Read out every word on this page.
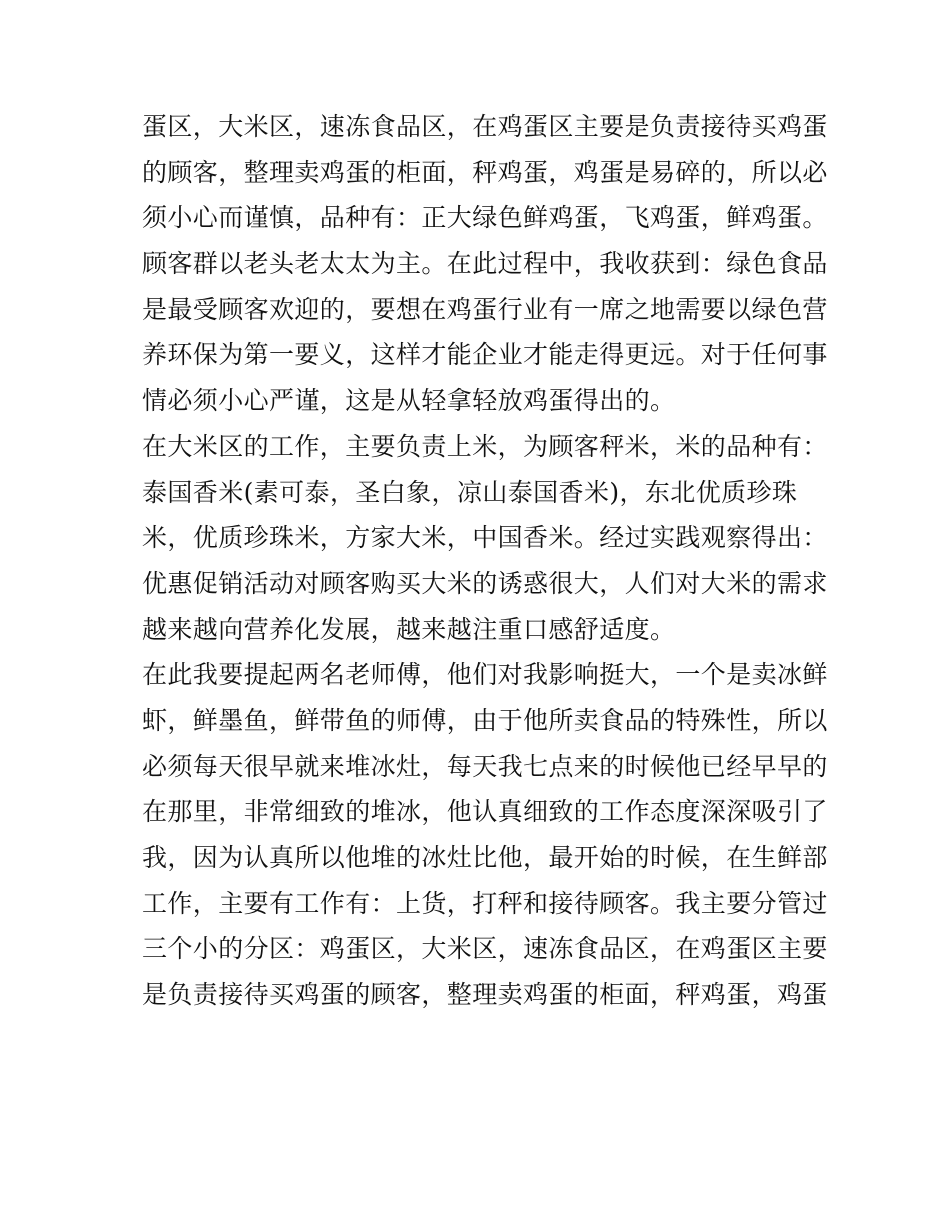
蛋区，大米区，速冻食品区，在鸡蛋区主要是负责接待买鸡蛋
的顾客，整理卖鸡蛋的柜面，秤鸡蛋，鸡蛋是易碎的，所以必
须小心而谨慎，品种有：正大绿色鲜鸡蛋，飞鸡蛋，鲜鸡蛋。
顾客群以老头老太太为主。在此过程中，我收获到：绿色食品
是最受顾客欢迎的，要想在鸡蛋行业有一席之地需要以绿色营
养环保为第一要义，这样才能企业才能走得更远。对于任何事
情必须小心严谨，这是从轻拿轻放鸡蛋得出的。
在大米区的工作，主要负责上米，为顾客秤米，米的品种有：
泰国香米(素可泰，圣白象，凉山泰国香米)，东北优质珍珠
米，优质珍珠米，方家大米，中国香米。经过实践观察得出：
优惠促销活动对顾客购买大米的诱惑很大，人们对大米的需求
越来越向营养化发展，越来越注重口感舒适度。
在此我要提起两名老师傅，他们对我影响挺大，一个是卖冰鲜
虾，鲜墨鱼，鲜带鱼的师傅，由于他所卖食品的特殊性，所以
必须每天很早就来堆冰灶，每天我七点来的时候他已经早早的
在那里，非常细致的堆冰，他认真细致的工作态度深深吸引了
我，因为认真所以他堆的冰灶比他，最开始的时候，在生鲜部
工作，主要有工作有：上货，打秤和接待顾客。我主要分管过
三个小的分区：鸡蛋区，大米区，速冻食品区，在鸡蛋区主要
是负责接待买鸡蛋的顾客，整理卖鸡蛋的柜面，秤鸡蛋，鸡蛋
